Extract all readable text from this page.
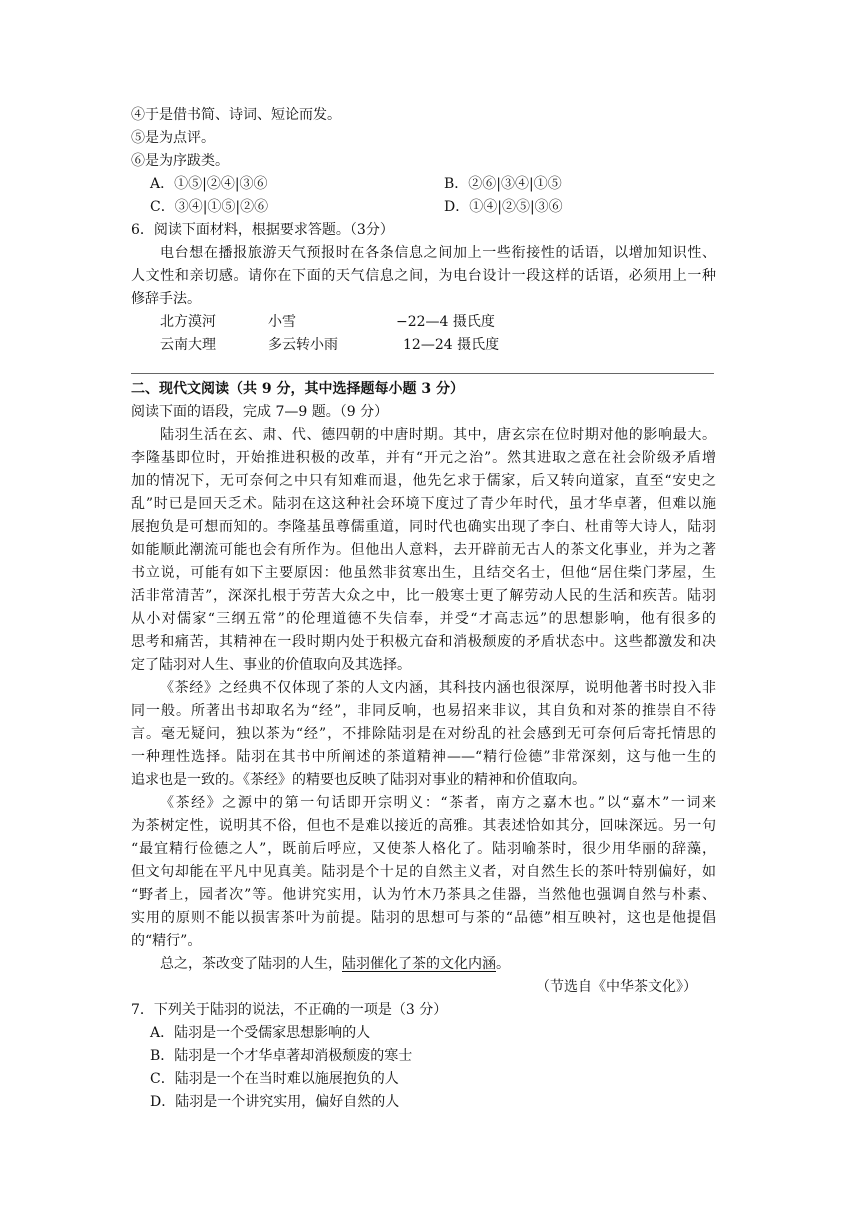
④于是借书简、诗词、短论而发。
⑤是为点评。
⑥是为序跋类。
A．①⑤|②④|③⑥	B．②⑥|③④|①⑤
C．③④|①⑤|②⑥	D．①④|②⑤|③⑥
6．阅读下面材料，根据要求答题。（3分）
电台想在播报旅游天气预报时在各条信息之间加上一些衔接性的话语，以增加知识性、
人文性和亲切感。请你在下面的天气信息之间，为电台设计一段这样的话语，必须用上一种
修辞手法。
北方漠河	小雪	−22—4 摄氏度
云南大理	多云转小雨	12—24 摄氏度
二、现代文阅读（共 9 分，其中选择题每小题 3 分）
阅读下面的语段，完成 7—9 题。（9 分）
陆羽生活在玄、肃、代、德四朝的中唐时期。其中，唐玄宗在位时期对他的影响最大。
李隆基即位时，开始推进积极的改革，并有“开元之治”。然其进取之意在社会阶级矛盾增
加的情况下，无可奈何之中只有知难而退，他先乞求于儒家，后又转向道家，直至“安史之
乱”时已是回天乏术。陆羽在这这种社会环境下度过了青少年时代，虽才华卓著，但难以施
展抱负是可想而知的。李隆基虽尊儒重道，同时代也确实出现了李白、杜甫等大诗人，陆羽
如能顺此潮流可能也会有所作为。但他出人意料，去开辟前无古人的茶文化事业，并为之著
书立说，可能有如下主要原因：他虽然非贫寒出生，且结交名士，但他“居住柴门茅屋，生
活非常清苦”，深深扎根于劳苦大众之中，比一般寒士更了解劳动人民的生活和疾苦。陆羽
从小对儒家“三纲五常”的伦理道德不失信奉，并受“才高志远”的思想影响，他有很多的
思考和痛苦，其精神在一段时期内处于积极亢奋和消极颓废的矛盾状态中。这些都激发和决
定了陆羽对人生、事业的价值取向及其选择。
《茶经》之经典不仅体现了茶的人文内涵，其科技内涵也很深厚，说明他著书时投入非
同一般。所著出书却取名为“经”，非同反响，也易招来非议，其自负和对茶的推崇自不待
言。毫无疑问，独以茶为“经”，不排除陆羽是在对纷乱的社会感到无可奈何后寄托情思的
一种理性选择。陆羽在其书中所阐述的茶道精神——“精行俭德”非常深刻，这与他一生的
追求也是一致的。《茶经》的精要也反映了陆羽对事业的精神和价值取向。
《茶经》之源中的第一句话即开宗明义：“茶者，南方之嘉木也。”以“嘉木”一词来
为茶树定性，说明其不俗，但也不是难以接近的高雅。其表述恰如其分，回味深远。另一句
“最宜精行俭德之人”，既前后呼应，又使茶人格化了。陆羽喻茶时，很少用华丽的辞藻，
但文句却能在平凡中见真美。陆羽是个十足的自然主义者，对自然生长的茶叶特别偏好，如
“野者上，园者次”等。他讲究实用，认为竹木乃茶具之佳器，当然他也强调自然与朴素、
实用的原则不能以损害茶叶为前提。陆羽的思想可与茶的“品德”相互映衬，这也是他提倡
的“精行”。
总之，茶改变了陆羽的人生，陆羽催化了茶的文化内涵。
（节选自《中华茶文化》）
7．下列关于陆羽的说法，不正确的一项是（3 分）
A．陆羽是一个受儒家思想影响的人
B．陆羽是一个才华卓著却消极颓废的寒士
C．陆羽是一个在当时难以施展抱负的人
D．陆羽是一个讲究实用，偏好自然的人
